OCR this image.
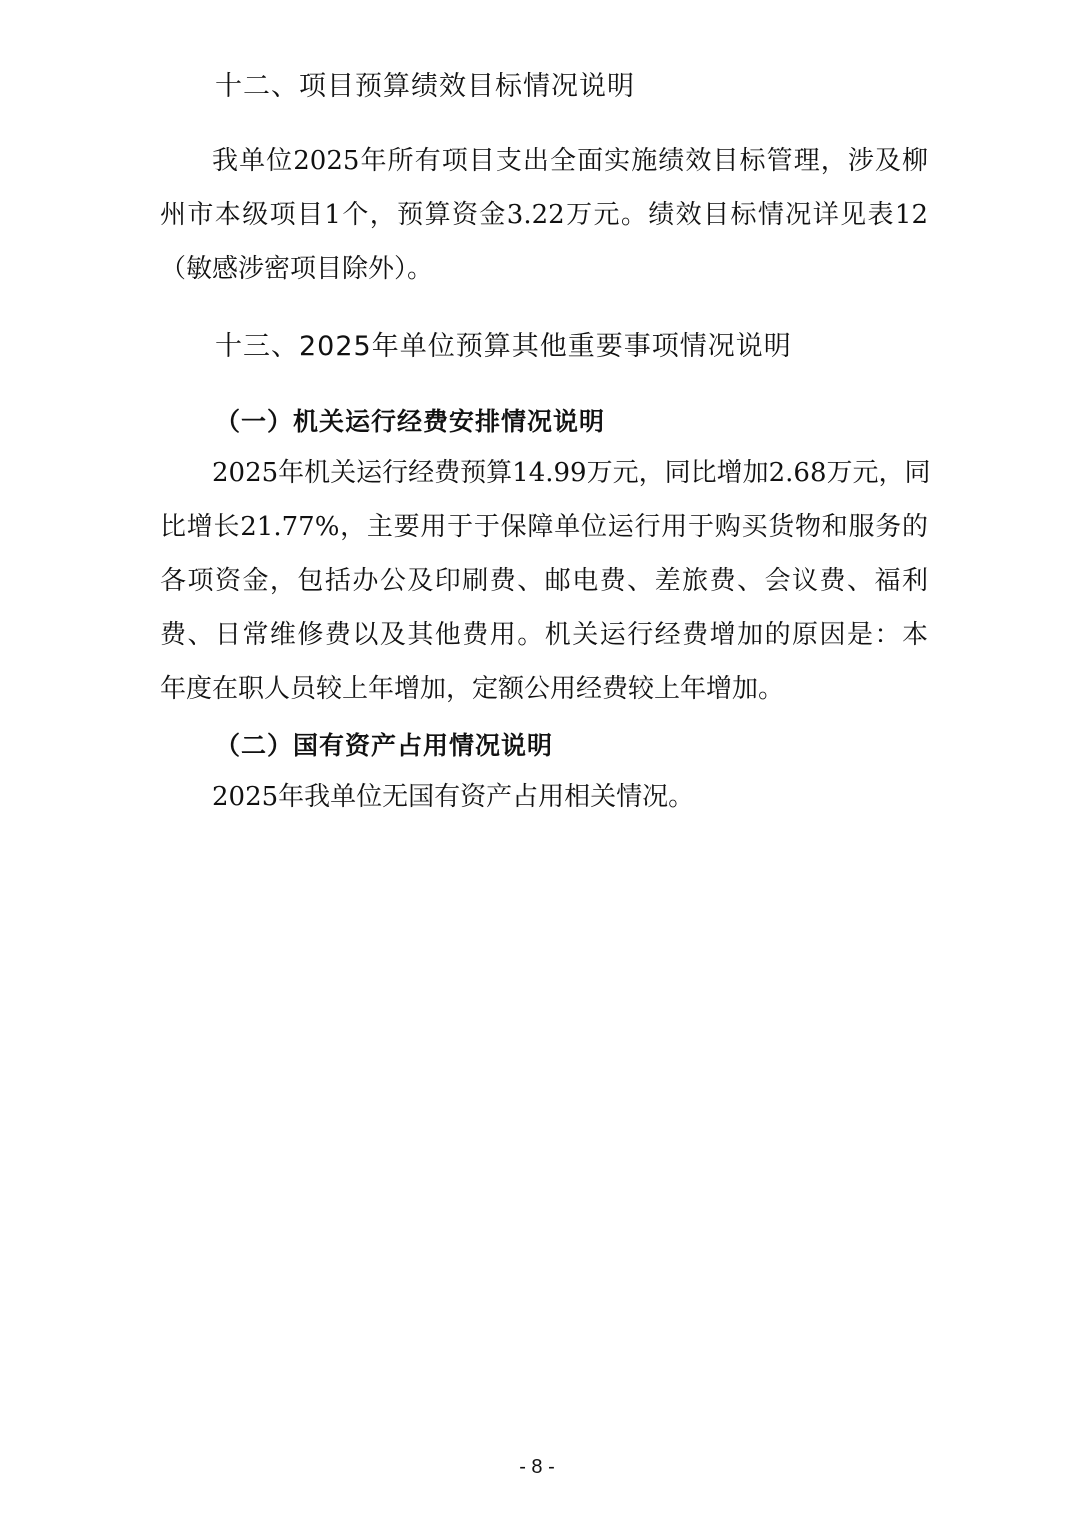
十二、项目预算绩效目标情况说明
我单位2025年所有项目支出全面实施绩效目标管理，涉及柳
州市本级项目1个，预算资金3.22万元。绩效目标情况详见表12
（敏感涉密项目除外）。
十三、2025年单位预算其他重要事项情况说明
（一）机关运行经费安排情况说明
2025年机关运行经费预算14.99万元，同比增加2.68万元，同
比增长21.77%，主要用于于保障单位运行用于购买货物和服务的
各项资金，包括办公及印刷费、邮电费、差旅费、会议费、福利
费、日常维修费以及其他费用。机关运行经费增加的原因是：本
年度在职人员较上年增加，定额公用经费较上年增加。
（二）国有资产占用情况说明
2025年我单位无国有资产占用相关情况。

- 8 -
